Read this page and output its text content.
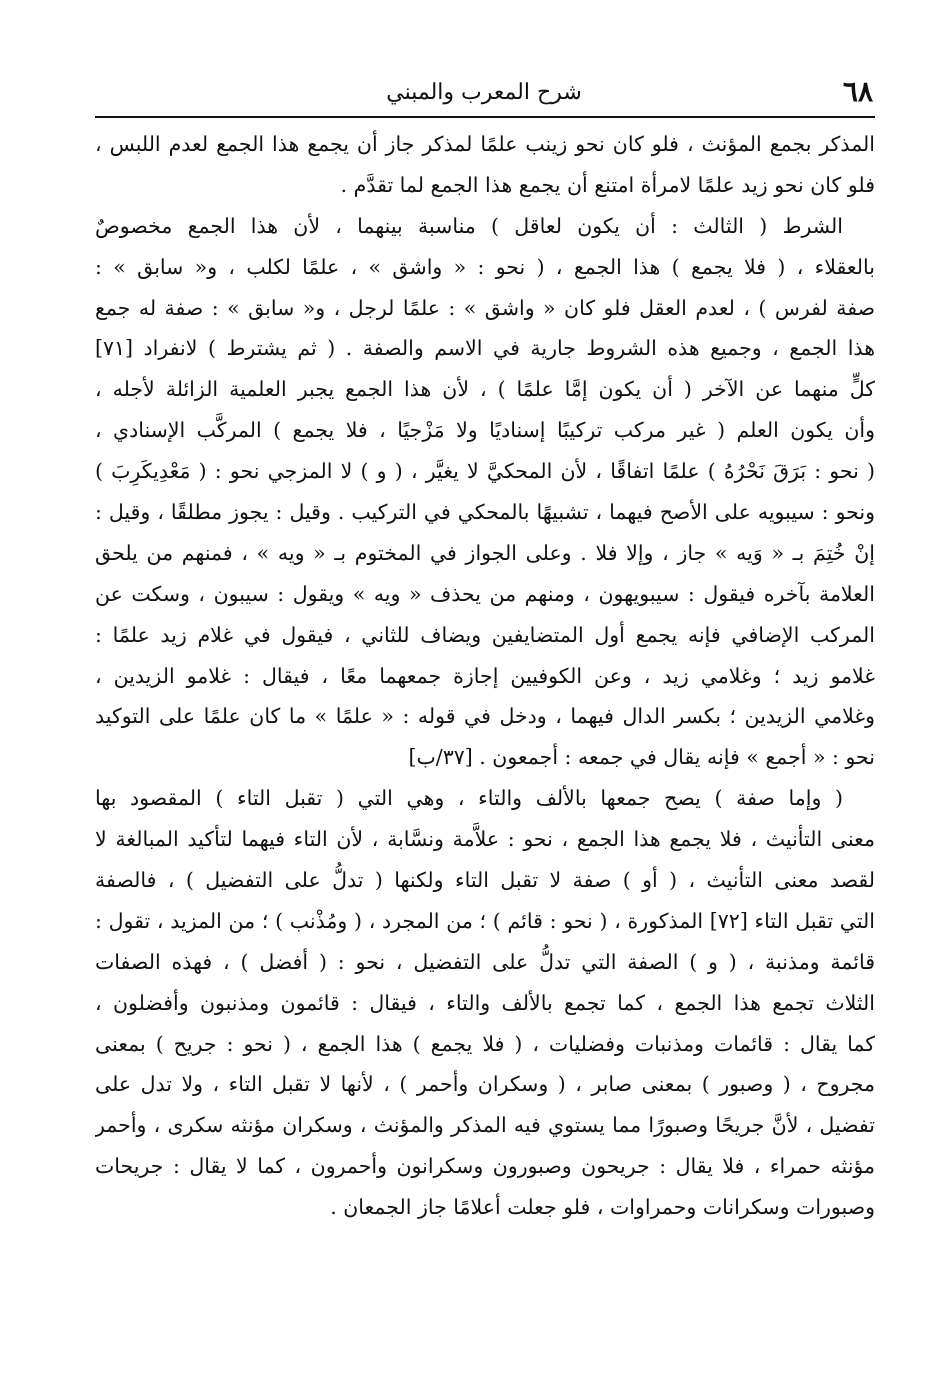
٦٨
شرح المعرب والمبني
المذكر بجمع المؤنث ، فلو كان نحو زينب علمًا لمذكر جاز أن يجمع هذا الجمع لعدم اللبس ،
فلو كان نحو زيد علمًا لامرأة امتنع أن يجمع هذا الجمع لما تقدَّم .
الشرط ( الثالث : أن يكون لعاقل ) مناسبة بينهما ، لأن هذا الجمع مخصوصٌ
بالعقلاء ، ( فلا يجمع ) هذا الجمع ، ( نحو : « واشق » ، علمًا لكلب ، و« سابق » :
صفة لفرس ) ، لعدم العقل فلو كان « واشق » : علمًا لرجل ، و« سابق » : صفة له جمع
هذا الجمع ، وجميع هذه الشروط جارية في الاسم والصفة . ( ثم يشترط ) لانفراد [٧١]
كلٍّ منهما عن الآخر ( أن يكون إمَّا علمًا ) ، لأن هذا الجمع يجبر العلمية الزائلة لأجله ،
وأن يكون العلم ( غير مركب تركيبًا إسناديًا ولا مَزْجيًا ، فلا يجمع ) المركَّب الإسنادي ،
( نحو : بَرَقَ نَحْرُهُ ) علمًا اتفاقًا ، لأن المحكيَّ لا يغيَّر ، ( و ) لا المزجي نحو : ( مَعْدِيكَرِبَ )
ونحو : سيبويه على الأصح فيهما ، تشبيهًا بالمحكي في التركيب . وقيل : يجوز مطلقًا ، وقيل :
إنْ خُتِمَ بـ « وَيه » جاز ، وإلا فلا . وعلى الجواز في المختوم بـ « ويه » ، فمنهم من يلحق
العلامة بآخره فيقول : سيبويهون ، ومنهم من يحذف « ويه » ويقول : سيبون ، وسكت عن
المركب الإضافي فإنه يجمع أول المتضايفين ويضاف للثاني ، فيقول في غلام زيد علمًا :
غلامو زيد ؛ وغلامي زيد ، وعن الكوفيين إجازة جمعهما معًا ، فيقال : غلامو الزيدين ،
وغلامي الزيدين ؛ بكسر الدال فيهما ، ودخل في قوله : « علمًا » ما كان علمًا على التوكيد
نحو : « أجمع » فإنه يقال في جمعه : أجمعون . [٣٧/ب]
( وإما صفة ) يصح جمعها بالألف والتاء ، وهي التي ( تقبل التاء ) المقصود بها
معنى التأنيث ، فلا يجمع هذا الجمع ، نحو : علاَّمة ونسَّابة ، لأن التاء فيهما لتأكيد المبالغة لا
لقصد معنى التأنيث ، ( أو ) صفة لا تقبل التاء ولكنها ( تدلُّ على التفضيل ) ، فالصفة
التي تقبل التاء [٧٢] المذكورة ، ( نحو : قائم ) ؛ من المجرد ، ( ومُذْنب ) ؛ من المزيد ، تقول :
قائمة ومذنبة ، ( و ) الصفة التي تدلُّ على التفضيل ، نحو : ( أفضل ) ، فهذه الصفات
الثلاث تجمع هذا الجمع ، كما تجمع بالألف والتاء ، فيقال : قائمون ومذنبون وأفضلون ،
كما يقال : قائمات ومذنبات وفضليات ، ( فلا يجمع ) هذا الجمع ، ( نحو : جريح ) بمعنى
مجروح ، ( وصبور ) بمعنى صابر ، ( وسكران وأحمر ) ، لأنها لا تقبل التاء ، ولا تدل على
تفضيل ، لأنَّ جريحًا وصبورًا مما يستوي فيه المذكر والمؤنث ، وسكران مؤنثه سكرى ، وأحمر
مؤنثه حمراء ، فلا يقال : جريحون وصبورون وسكرانون وأحمرون ، كما لا يقال : جريحات
وصبورات وسكرانات وحمراوات ، فلو جعلت أعلامًا جاز الجمعان .
